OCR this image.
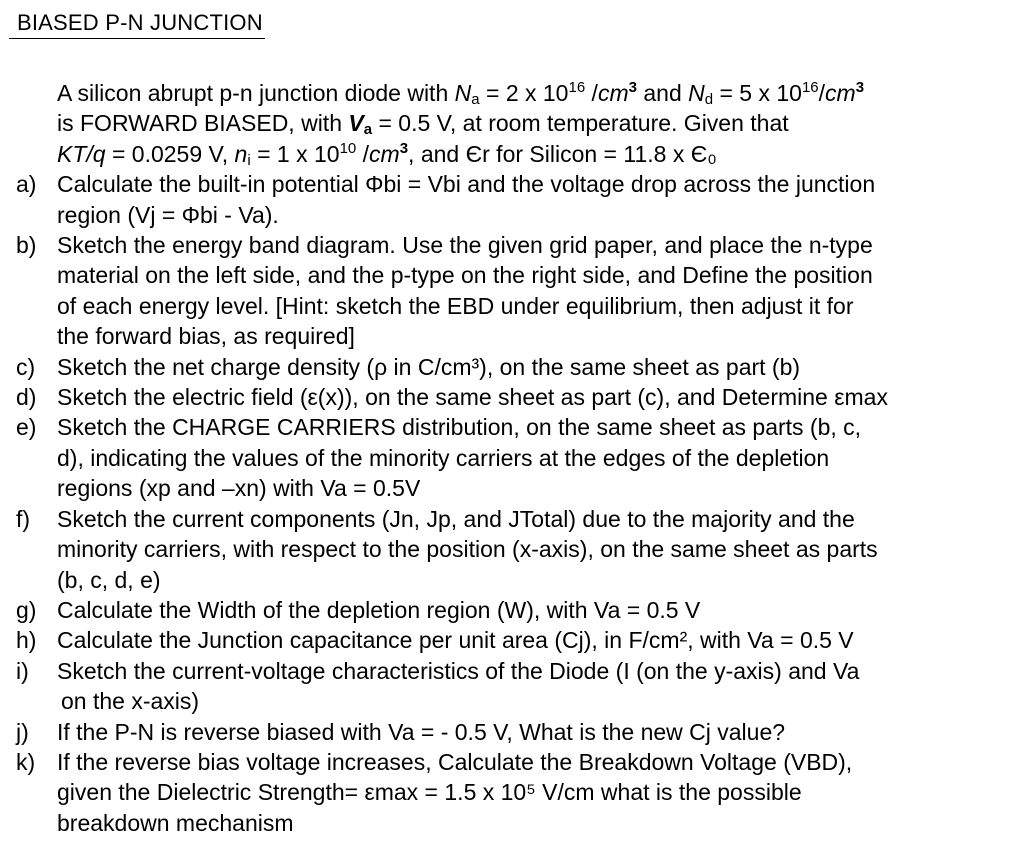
BIASED P-N JUNCTION
A silicon abrupt p-n junction diode with $N_a = 2$ x $10^{16}$ $/cm^3$ and $N_d = 5$ x $10^{16}/cm^3$
is FORWARD BIASED, with $V_a = 0.5$ V, at room temperature. Given that
KT/q = 0.0259 V, $n_i = 1$ x $10^{10}$ $/cm^3$, and Єr for Silicon = 11.8 x Є₀
a) Calculate the built-in potential Φbi = Vbi and the voltage drop across the junction
region (Vj = Φbi - Va).
b) Sketch the energy band diagram. Use the given grid paper, and place the n-type
material on the left side, and the p-type on the right side, and Define the position
of each energy level. [Hint: sketch the EBD under equilibrium, then adjust it for
the forward bias, as required]
c) Sketch the net charge density (ρ in C/cm³), on the same sheet as part (b)
d) Sketch the electric field (ε(x)), on the same sheet as part (c), and Determine εmax
e) Sketch the CHARGE CARRIERS distribution, on the same sheet as parts (b, c,
d), indicating the values of the minority carriers at the edges of the depletion
regions (xp and –xn) with Va = 0.5V
f) Sketch the current components (Jn, Jp, and JTotal) due to the majority and the
minority carriers, with respect to the position (x-axis), on the same sheet as parts
(b, c, d, e)
g) Calculate the Width of the depletion region (W), with Va = 0.5 V
h) Calculate the Junction capacitance per unit area (Cj), in F/cm², with Va = 0.5 V
i) Sketch the current-voltage characteristics of the Diode (I (on the y-axis) and Va
on the x-axis)
j) If the P-N is reverse biased with Va = - 0.5 V, What is the new Cj value?
k) If the reverse bias voltage increases, Calculate the Breakdown Voltage (VBD),
given the Dielectric Strength= εmax = 1.5 x 10⁵ V/cm what is the possible
breakdown mechanism
